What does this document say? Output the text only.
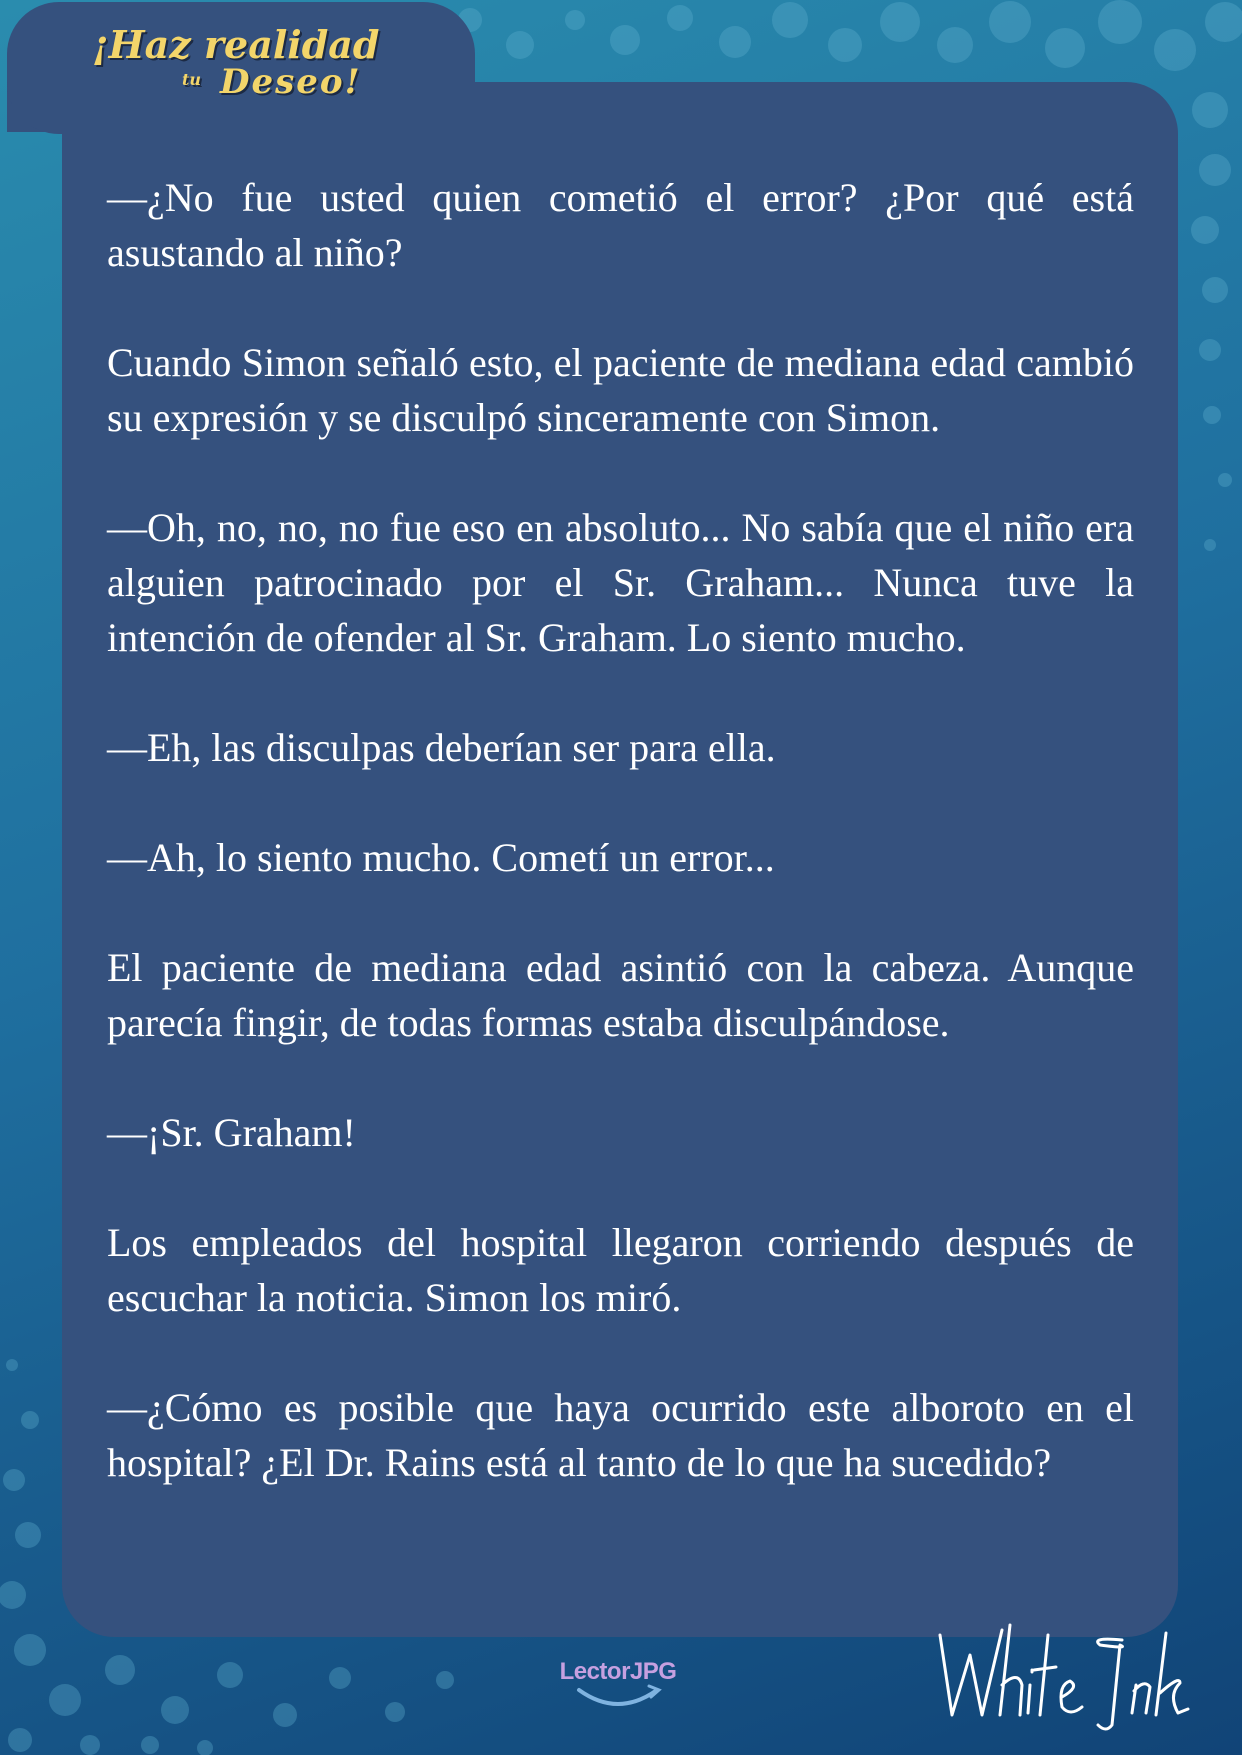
¡Haz realidad
tu Deseo!

—¿No fue usted quien cometió el error? ¿Por qué está asustando al niño?

Cuando Simon señaló esto, el paciente de mediana edad cambió su expresión y se disculpó sinceramente con Simon.

—Oh, no, no, no fue eso en absoluto... No sabía que el niño era alguien patrocinado por el Sr. Graham... Nunca tuve la intención de ofender al Sr. Graham. Lo siento mucho.

—Eh, las disculpas deberían ser para ella.

—Ah, lo siento mucho. Cometí un error...

El paciente de mediana edad asintió con la cabeza. Aunque parecía fingir, de todas formas estaba disculpándose.

—¡Sr. Graham!

Los empleados del hospital llegaron corriendo después de escuchar la noticia. Simon los miró.

—¿Cómo es posible que haya ocurrido este alboroto en el hospital? ¿El Dr. Rains está al tanto de lo que ha sucedido?

LectorJPG
